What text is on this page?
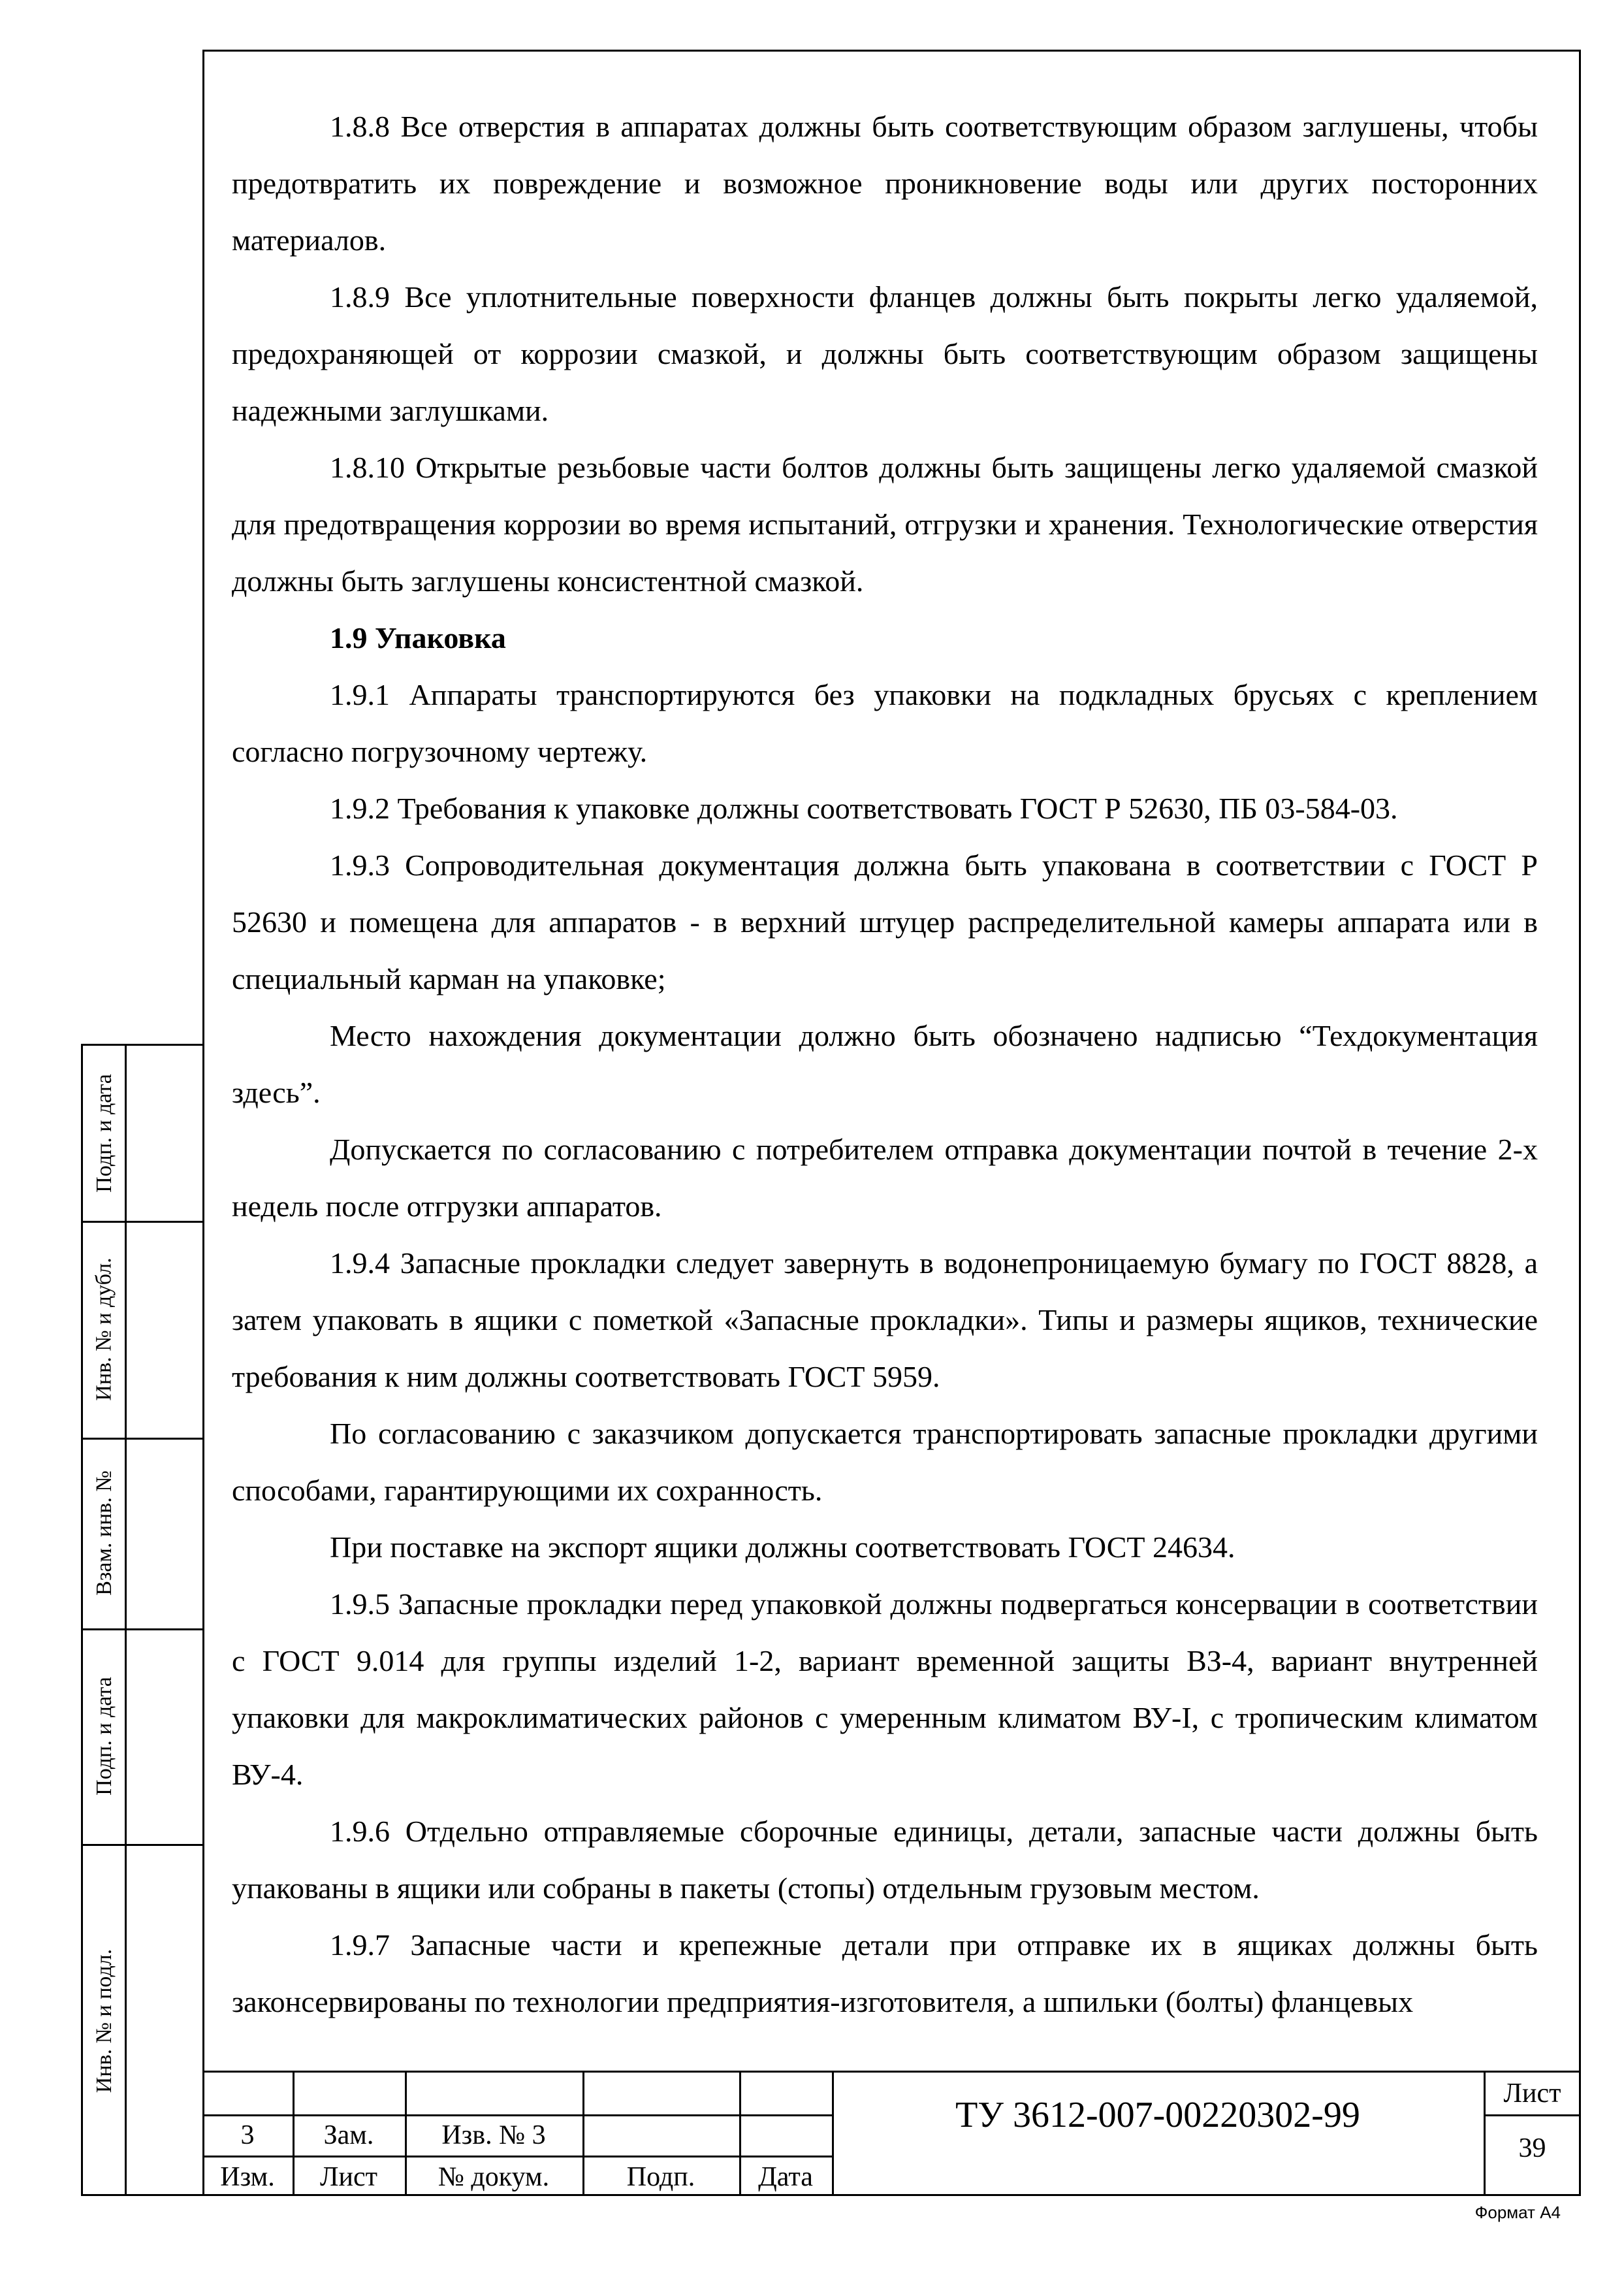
1.8.8 Все отверстия в аппаратах должны быть соответствующим образом заглушены, чтобы предотвратить их повреждение и возможное проникновение воды или других посторонних материалов.

1.8.9 Все уплотнительные поверхности фланцев должны быть покрыты легко удаляемой, предохраняющей от коррозии смазкой, и должны быть соответствующим образом защищены надежными заглушками.

1.8.10 Открытые резьбовые части болтов должны быть защищены легко удаляемой смазкой для предотвращения коррозии во время испытаний, отгрузки и хранения. Технологические отверстия должны быть заглушены консистентной смазкой.

1.9 Упаковка

1.9.1 Аппараты транспортируются без упаковки на подкладных брусьях с креплением согласно погрузочному чертежу.

1.9.2 Требования к упаковке должны соответствовать ГОСТ Р 52630, ПБ 03-584-03.

1.9.3 Сопроводительная документация должна быть упакована в соответствии с ГОСТ Р 52630 и помещена для аппаратов - в верхний штуцер распределительной камеры аппарата или в специальный карман на упаковке;

Место нахождения документации должно быть обозначено надписью “Техдокументация здесь”.

Допускается по согласованию с потребителем отправка документации почтой в течение 2-х недель после отгрузки аппаратов.

1.9.4 Запасные прокладки следует завернуть в водонепроницаемую бумагу по ГОСТ 8828, а затем упаковать в ящики с пометкой «Запасные прокладки». Типы и размеры ящиков, технические требования к ним должны соответствовать ГОСТ 5959.

По согласованию с заказчиком допускается транспортировать запасные прокладки другими способами, гарантирующими их сохранность.

При поставке на экспорт ящики должны соответствовать ГОСТ 24634.

1.9.5 Запасные прокладки перед упаковкой должны подвергаться консервации в соответствии с ГОСТ 9.014 для группы изделий 1-2, вариант временной защиты ВЗ-4, вариант внутренней упаковки для макроклиматических районов с умеренным климатом ВУ-I, с тропическим климатом ВУ-4.

1.9.6 Отдельно отправляемые сборочные единицы, детали, запасные части должны быть упакованы в ящики или собраны в пакеты (стопы) отдельным грузовым местом.

1.9.7 Запасные части и крепежные детали при отправке их в ящиках должны быть законсервированы по технологии предприятия-изготовителя, а шпильки (болты) фланцевых

Подп. и дата
Инв. № и дубл.
Взам. инв. №
Подп. и дата
Инв. № и подл.
3	Зам.	Изв. № 3
Изм.	Лист	№ докум.	Подп.	Дата
ТУ 3612-007-00220302-99
Лист
39
Формат А4
